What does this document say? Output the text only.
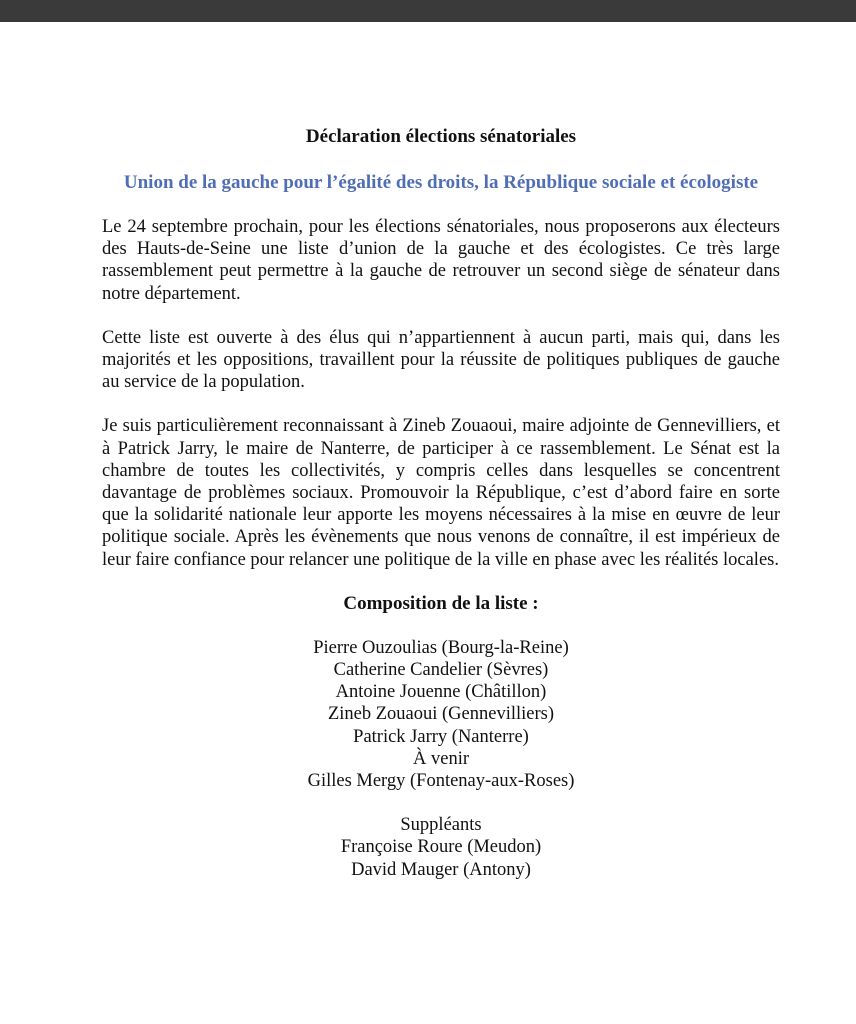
Déclaration élections sénatoriales
Union de la gauche pour l’égalité des droits, la République sociale et écologiste

Le 24 septembre prochain, pour les élections sénatoriales, nous proposerons aux électeurs des Hauts-de-Seine une liste d’union de la gauche et des écologistes. Ce très large rassemblement peut permettre à la gauche de retrouver un second siège de sénateur dans notre département.

Cette liste est ouverte à des élus qui n’appartiennent à aucun parti, mais qui, dans les majorités et les oppositions, travaillent pour la réussite de politiques publiques de gauche au service de la population.

Je suis particulièrement reconnaissant à Zineb Zouaoui, maire adjointe de Gennevilliers, et à Patrick Jarry, le maire de Nanterre, de participer à ce rassemblement. Le Sénat est la chambre de toutes les collectivités, y compris celles dans lesquelles se concentrent davantage de problèmes sociaux. Promouvoir la République, c’est d’abord faire en sorte que la solidarité nationale leur apporte les moyens nécessaires à la mise en œuvre de leur politique sociale. Après les évènements que nous venons de connaître, il est impérieux de leur faire confiance pour relancer une politique de la ville en phase avec les réalités locales.

Composition de la liste :
Pierre Ouzoulias (Bourg-la-Reine)
Catherine Candelier (Sèvres)
Antoine Jouenne (Châtillon)
Zineb Zouaoui (Gennevilliers)
Patrick Jarry (Nanterre)
À venir
Gilles Mergy (Fontenay-aux-Roses)
Suppléants
Françoise Roure (Meudon)
David Mauger (Antony)
